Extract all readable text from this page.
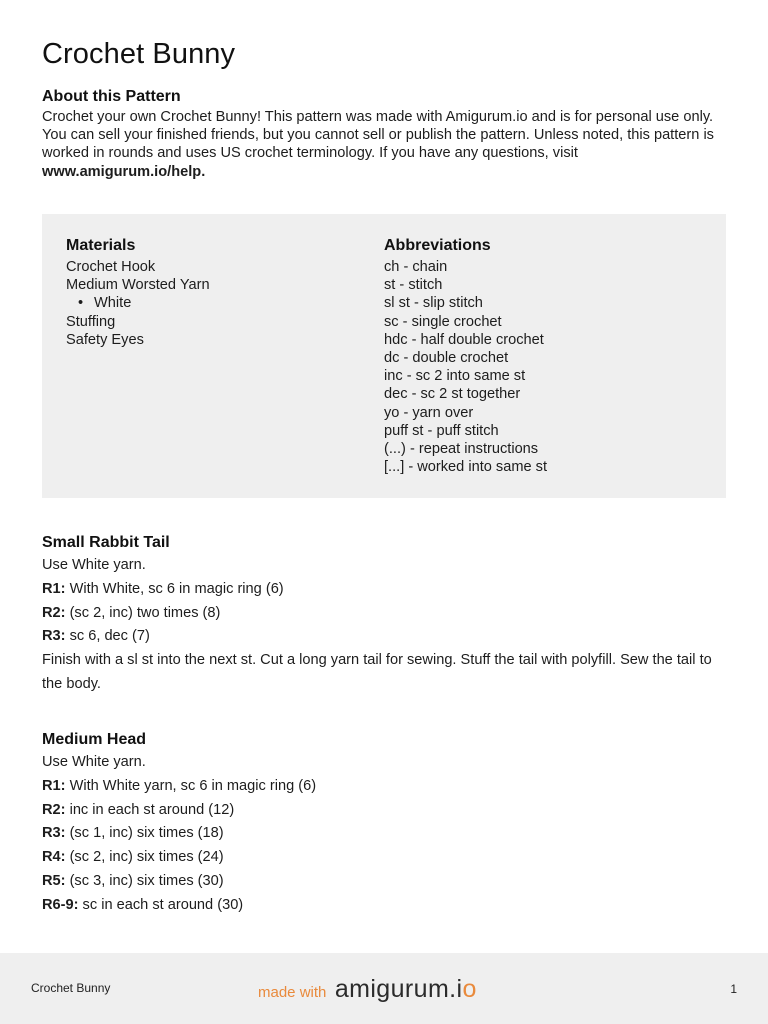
Crochet Bunny
About this Pattern

Crochet your own Crochet Bunny! This pattern was made with Amigurum.io and is for personal use only. You can sell your finished friends, but you cannot sell or publish the pattern. Unless noted, this pattern is worked in rounds and uses US crochet terminology. If you have any questions, visit www.amigurum.io/help.

Materials
Crochet Hook
Medium Worsted Yarn
• White
Stuffing
Safety Eyes
Abbreviations
ch - chain
st - stitch
sl st - slip stitch
sc - single crochet
hdc - half double crochet
dc - double crochet
inc - sc 2 into same st
dec - sc 2 st together
yo - yarn over
puff st - puff stitch
(...) - repeat instructions
[...] - worked into same st
Small Rabbit Tail

Use White yarn.

R1: With White, sc 6 in magic ring (6)

R2: (sc 2, inc) two times (8)

R3: sc 6, dec (7)

Finish with a sl st into the next st. Cut a long yarn tail for sewing. Stuff the tail with polyfill. Sew the tail to the body.

Medium Head

Use White yarn.

R1: With White yarn, sc 6 in magic ring (6)

R2: inc in each st around (12)

R3: (sc 1, inc) six times (18)

R4: (sc 2, inc) six times (24)

R5: (sc 3, inc) six times (30)

R6-9: sc in each st around (30)

Crochet Bunny	made with amigurum.io	1
